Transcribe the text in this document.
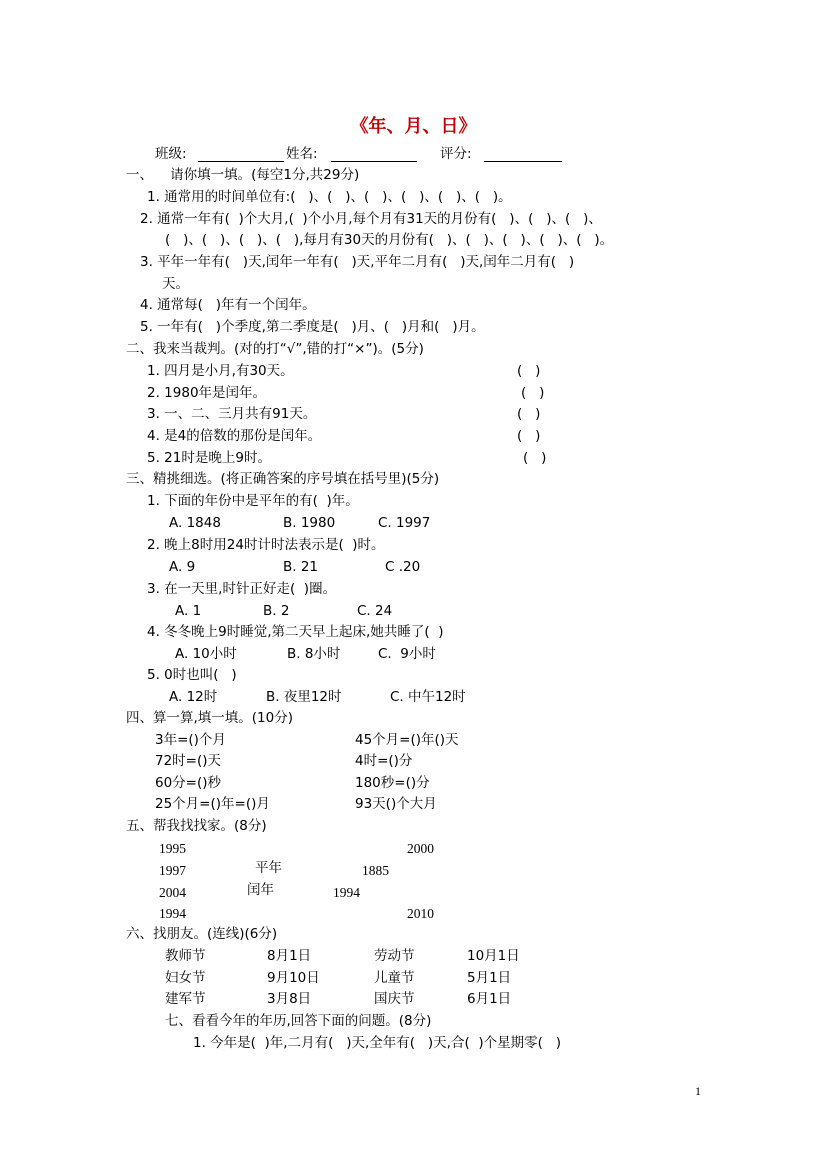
《年、月、日》
班级:	姓名:	评分:
一、    请你填一填。(每空1分,共29分)
1. 通常用的时间单位有:(   )、(   )、(   )、(   )、(   )、(   )。
2. 通常一年有(  )个大月,(  )个小月,每个月有31天的月份有(   )、(   )、(   )、
(   )、(   )、(   )、(   ),每月有30天的月份有(   )、(   )、(   )、(   )、(   )。
3. 平年一年有(   )天,闰年一年有(   )天,平年二月有(   )天,闰年二月有(   )
天。
4. 通常每(   )年有一个闰年。
5. 一年有(   )个季度,第二季度是(   )月、(   )月和(   )月。
二、我来当裁判。(对的打“√”,错的打“×”)。(5分)
1. 四月是小月,有30天。	(   )
2. 1980年是闰年。	(   )
3. 一、二、三月共有91天。	(   )
4. 是4的倍数的那份是闰年。	(   )
5. 21时是晚上9时。	(   )
三、精挑细选。(将正确答案的序号填在括号里)(5分)
1. 下面的年份中是平年的有(  )年。
A. 1848	B. 1980	C. 1997
2. 晚上8时用24时计时法表示是(  )时。
A. 9	B. 21	C .20
3. 在一天里,时针正好走(  )圈。
A. 1	B. 2	C. 24
4. 冬冬晚上9时睡觉,第二天早上起床,她共睡了(  )
A. 10小时	B. 8小时	C.  9小时
5. 0时也叫(   )
A. 12时	B. 夜里12时	C. 中午12时
四、算一算,填一填。(10分)
3年=()个月	45个月=()年()天
72时=()天	4时=()分
60分=()秒	180秒=()分
25个月=()年=()月	93天()个大月
五、帮我找找家。(8分)
1995	2000
1997	平年	1885
2004	闰年	1994
1994	2010
六、找朋友。(连线)(6分)
教师节	8月1日	劳动节	10月1日
妇女节	9月10日	儿童节	5月1日
建军节	3月8日	国庆节	6月1日
七、看看今年的年历,回答下面的问题。(8分)
1. 今年是(  )年,二月有(   )天,全年有(   )天,合(  )个星期零(   )
1
